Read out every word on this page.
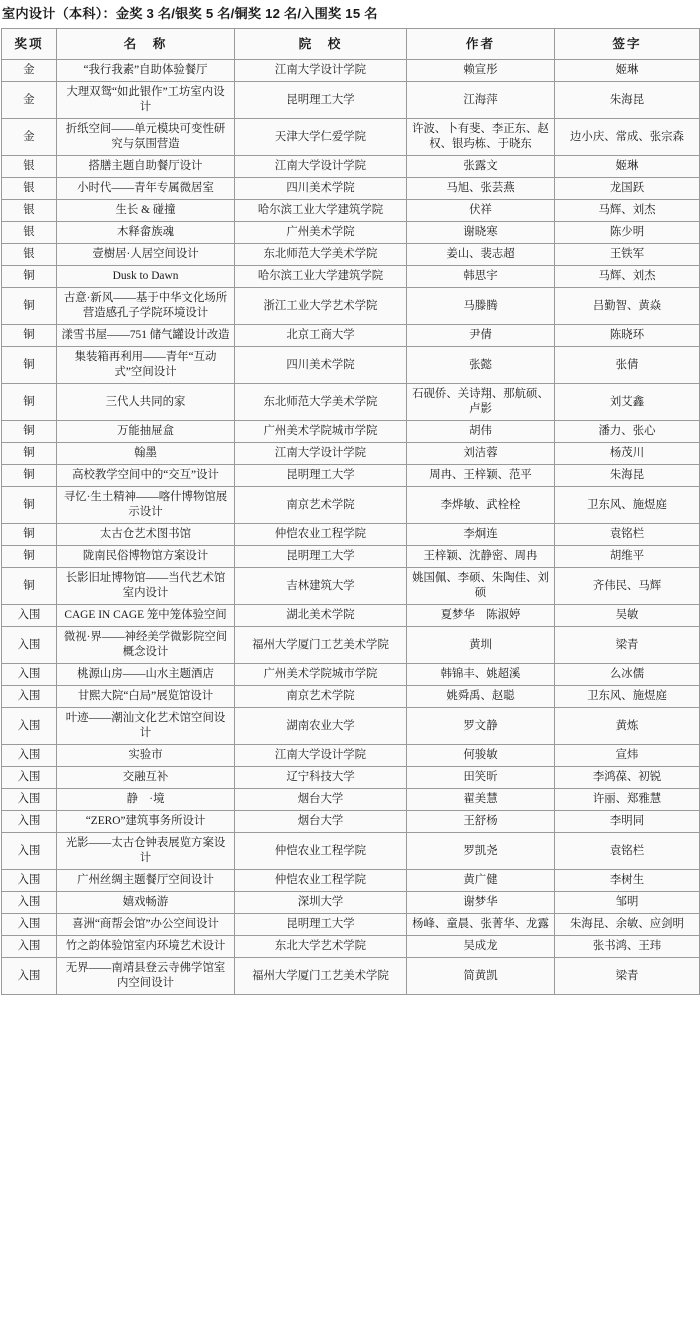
室内设计（本科）：金奖 3 名/银奖 5 名/铜奖 12 名/入围奖 15 名
奖项	名　称	院　校	作者	签字
金	“我行我素”自助体验餐厅	江南大学设计学院	赖宣彤	姬琳
金	大理双鸳“如此银作”工坊室内设计	昆明理工大学	江海萍	朱海昆
金	折纸空间——单元模块可变性研究与氛围营造	天津大学仁爱学院	许波、卜有斐、李正东、赵权、银玙栋、于晓东	边小庆、常成、张宗森
银	搭膳主题自助餐厅设计	江南大学设计学院	张露文	姬琳
银	小时代——青年专属微居室	四川美术学院	马旭、张芸燕	龙国跃
银	生长 & 碰撞	哈尔滨工业大学建筑学院	伏祥	马辉、刘杰
银	木释畲族魂	广州美术学院	谢晓寒	陈少明
银	壹樹居·人居空间设计	东北师范大学美术学院	姜山、裴志超	王铁军
铜	Dusk to Dawn	哈尔滨工业大学建筑学院	韩思宇	马辉、刘杰
铜	古意·新风——基于中华文化场所营造感孔子学院环境设计	浙江工业大学艺术学院	马滕腾	吕勤智、黄焱
铜	漾雪书屋——751 储气罐设计改造	北京工商大学	尹倩	陈晓环
铜	集装箱再利用——青年“互动式”空间设计	四川美术学院	张懿	张倩
铜	三代人共同的家	东北师范大学美术学院	石砚侨、关诗翔、那航硕、卢影	刘艾鑫
铜	万能抽屉盒	广州美术学院城市学院	胡伟	潘力、张心
铜	翰墨	江南大学设计学院	刘洁蓉	杨茂川
铜	高校教学空间中的“交互”设计	昆明理工大学	周冉、王梓颖、范平	朱海昆
铜	寻忆·生土精神——喀什博物馆展示设计	南京艺术学院	李烨敏、武栓栓	卫东风、施煜庭
铜	太古仓艺术图书馆	仲恺农业工程学院	李炯连	袁铭栏
铜	陇南民俗博物馆方案设计	昆明理工大学	王梓颖、沈静密、周冉	胡维平
铜	长影旧址博物馆——当代艺术馆室内设计	吉林建筑大学	姚国佩、李硕、朱陶佳、刘硕	齐伟民、马辉
入围	CAGE IN CAGE 笼中笼体验空间	湖北美术学院	夏梦华　陈淑婷	吴敏
入围	微视·界——神经美学微影院空间概念设计	福州大学厦门工艺美术学院	黄圳	梁青
入围	桃源山房——山水主题酒店	广州美术学院城市学院	韩锦丰、姚超溪	么冰儒
入围	甘熙大院“白局”展览馆设计	南京艺术学院	姚舜禹、赵聪	卫东风、施煜庭
入围	叶迹——潮汕文化艺术馆空间设计	湖南农业大学	罗文静	黄炼
入围	实验市	江南大学设计学院	何骏敏	宣炜
入围	交融互补	辽宁科技大学	田笑昕	李鸿葆、初锐
入围	静　·境	烟台大学	翟美慧	许丽、郑雅慧
入围	“ZERO”建筑事务所设计	烟台大学	王舒杨	李明同
入围	光影——太古仓钟表展览方案设计	仲恺农业工程学院	罗凯尧	袁铭栏
入围	广州丝绸主题餐厅空间设计	仲恺农业工程学院	黄广健	李树生
入围	嬉戏畅游	深圳大学	谢梦华	邹明
入围	喜洲“商帮会馆”办公空间设计	昆明理工大学	杨峰、童晨、张菁华、龙露	朱海昆、余敏、应剑明
入围	竹之韵体验馆室内环境艺术设计	东北大学艺术学院	吴成龙	张书鸿、王玮
入围	无界——南靖县登云寺佛学馆室内空间设计	福州大学厦门工艺美术学院	简黄凯	梁青
